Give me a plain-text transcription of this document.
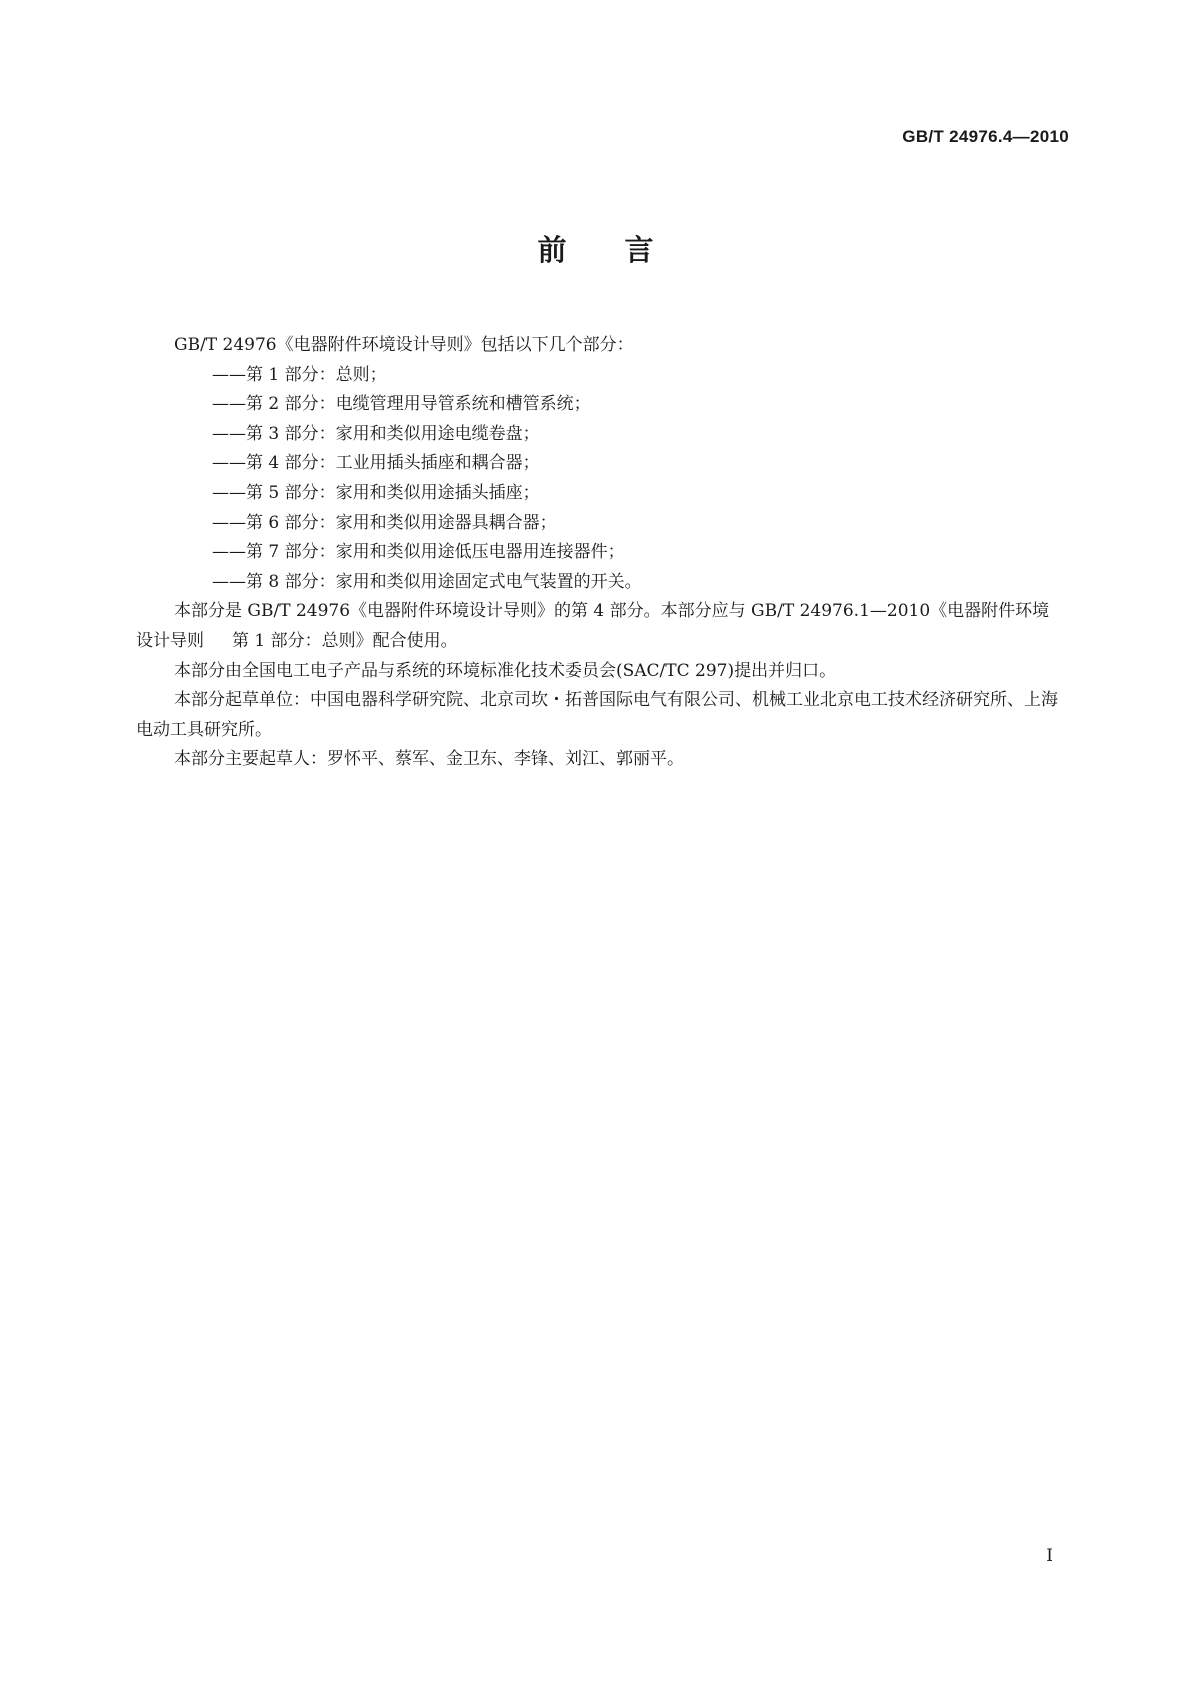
GB/T 24976.4—2010
前言

GB/T 24976《电器附件环境设计导则》包括以下几个部分：

——第 1 部分：总则；
——第 2 部分：电缆管理用导管系统和槽管系统；
——第 3 部分：家用和类似用途电缆卷盘；
——第 4 部分：工业用插头插座和耦合器；
——第 5 部分：家用和类似用途插头插座；
——第 6 部分：家用和类似用途器具耦合器；
——第 7 部分：家用和类似用途低压电器用连接器件；
——第 8 部分：家用和类似用途固定式电气装置的开关。

本部分是 GB/T 24976《电器附件环境设计导则》的第 4 部分。本部分应与 GB/T 24976.1—2010《电器附件环境设计导则 第 1 部分：总则》配合使用。

本部分由全国电工电子产品与系统的环境标准化技术委员会(SAC/TC 297)提出并归口。

本部分起草单位：中国电器科学研究院、北京司坎・拓普国际电气有限公司、机械工业北京电工技术经济研究所、上海电动工具研究所。

本部分主要起草人：罗怀平、蔡军、金卫东、李锋、刘江、郭丽平。

Ⅰ
